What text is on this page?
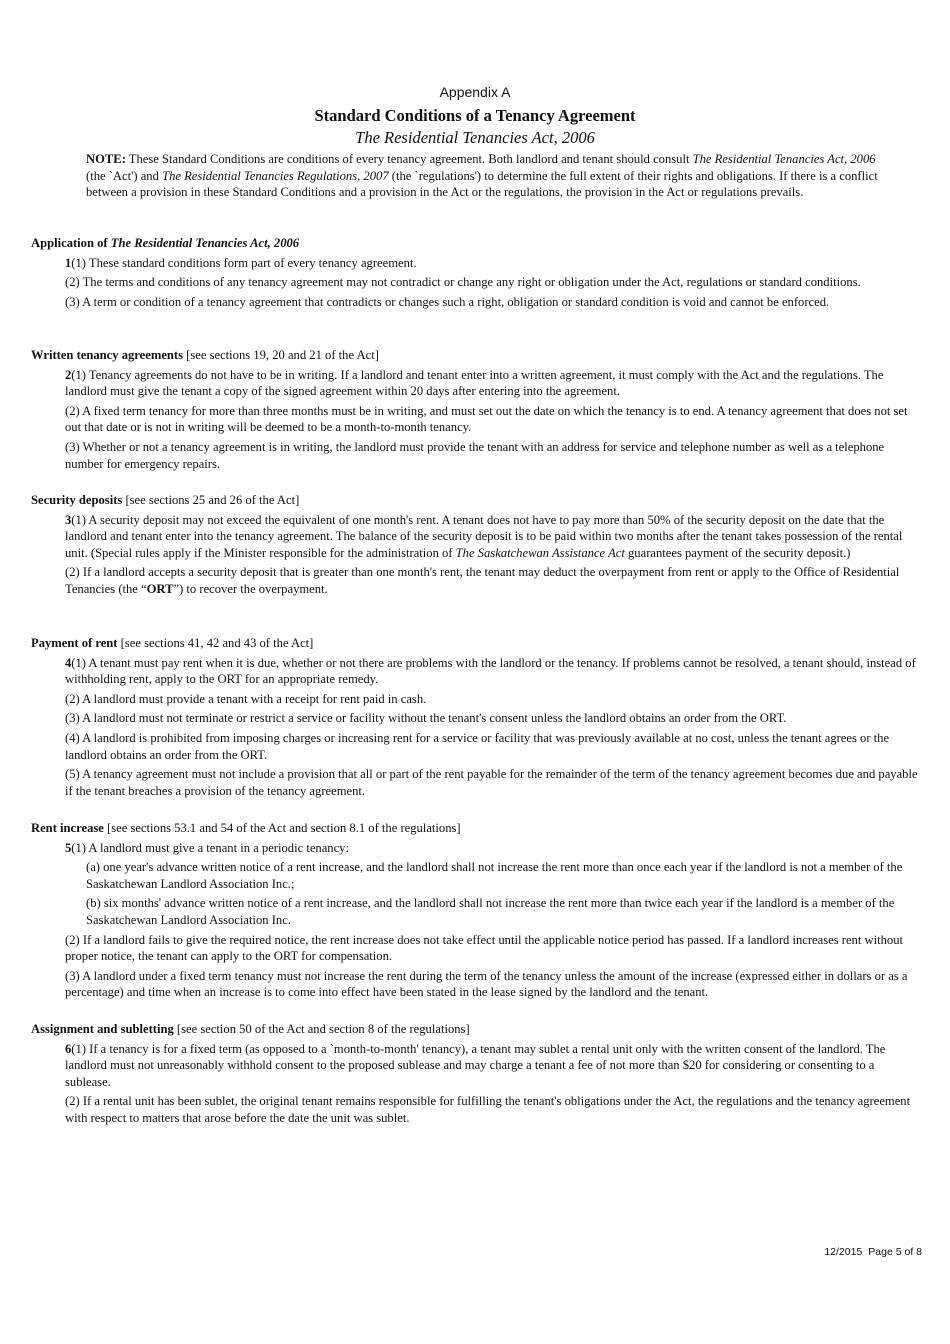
Appendix A
Standard Conditions of a Tenancy Agreement
The Residential Tenancies Act, 2006
NOTE: These Standard Conditions are conditions of every tenancy agreement. Both landlord and tenant should consult The Residential Tenancies Act, 2006 (the `Act') and The Residential Tenancies Regulations, 2007 (the `regulations') to determine the full extent of their rights and obligations. If there is a conflict between a provision in these Standard Conditions and a provision in the Act or the regulations, the provision in the Act or regulations prevails.
Application of The Residential Tenancies Act, 2006
1(1) These standard conditions form part of every tenancy agreement.
(2) The terms and conditions of any tenancy agreement may not contradict or change any right or obligation under the Act, regulations or standard conditions.
(3) A term or condition of a tenancy agreement that contradicts or changes such a right, obligation or standard condition is void and cannot be enforced.
Written tenancy agreements [see sections 19, 20 and 21 of the Act]
2(1) Tenancy agreements do not have to be in writing. If a landlord and tenant enter into a written agreement, it must comply with the Act and the regulations. The landlord must give the tenant a copy of the signed agreement within 20 days after entering into the agreement.
(2) A fixed term tenancy for more than three months must be in writing, and must set out the date on which the tenancy is to end. A tenancy agreement that does not set out that date or is not in writing will be deemed to be a month-to-month tenancy.
(3) Whether or not a tenancy agreement is in writing, the landlord must provide the tenant with an address for service and telephone number as well as a telephone number for emergency repairs.
Security deposits [see sections 25 and 26 of the Act]
3(1) A security deposit may not exceed the equivalent of one month's rent. A tenant does not have to pay more than 50% of the security deposit on the date that the landlord and tenant enter into the tenancy agreement. The balance of the security deposit is to be paid within two months after the tenant takes possession of the rental unit. (Special rules apply if the Minister responsible for the administration of The Saskatchewan Assistance Act guarantees payment of the security deposit.)
(2) If a landlord accepts a security deposit that is greater than one month's rent, the tenant may deduct the overpayment from rent or apply to the Office of Residential Tenancies (the “ORT”) to recover the overpayment.
Payment of rent [see sections 41, 42 and 43 of the Act]
4(1) A tenant must pay rent when it is due, whether or not there are problems with the landlord or the tenancy. If problems cannot be resolved, a tenant should, instead of withholding rent, apply to the ORT for an appropriate remedy.
(2) A landlord must provide a tenant with a receipt for rent paid in cash.
(3) A landlord must not terminate or restrict a service or facility without the tenant's consent unless the landlord obtains an order from the ORT.
(4) A landlord is prohibited from imposing charges or increasing rent for a service or facility that was previously available at no cost, unless the tenant agrees or the landlord obtains an order from the ORT.
(5) A tenancy agreement must not include a provision that all or part of the rent payable for the remainder of the term of the tenancy agreement becomes due and payable if the tenant breaches a provision of the tenancy agreement.
Rent increase [see sections 53.1 and 54 of the Act and section 8.1 of the regulations]
5(1) A landlord must give a tenant in a periodic tenancy:
(a) one year's advance written notice of a rent increase, and the landlord shall not increase the rent more than once each year if the landlord is not a member of the Saskatchewan Landlord Association Inc.;
(b) six months' advance written notice of a rent increase, and the landlord shall not increase the rent more than twice each year if the landlord is a member of the Saskatchewan Landlord Association Inc.
(2) If a landlord fails to give the required notice, the rent increase does not take effect until the applicable notice period has passed. If a landlord increases rent without proper notice, the tenant can apply to the ORT for compensation.
(3) A landlord under a fixed term tenancy must not increase the rent during the term of the tenancy unless the amount of the increase (expressed either in dollars or as a percentage) and time when an increase is to come into effect have been stated in the lease signed by the landlord and the tenant.
Assignment and subletting [see section 50 of the Act and section 8 of the regulations]
6(1) If a tenancy is for a fixed term (as opposed to a `month-to-month' tenancy), a tenant may sublet a rental unit only with the written consent of the landlord. The landlord must not unreasonably withhold consent to the proposed sublease and may charge a tenant a fee of not more than $20 for considering or consenting to a sublease.
(2) If a rental unit has been sublet, the original tenant remains responsible for fulfilling the tenant's obligations under the Act, the regulations and the tenancy agreement with respect to matters that arose before the date the unit was sublet.
12/2015 Page 5 of 8
